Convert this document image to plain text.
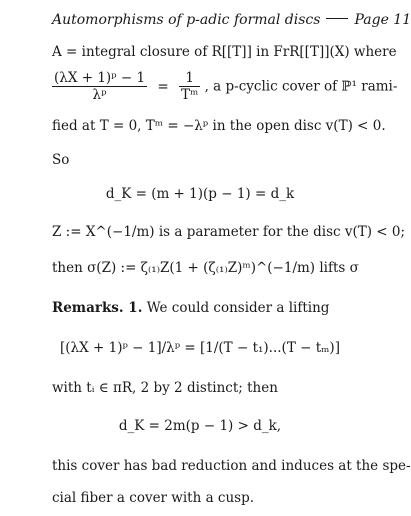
Automorphisms of p-adic formal discs Page 11
A = integral closure of R[[T]] in FrR[[T]](X) where
$\frac{\text{(λX + 1)ᵖ − 1}}{\text{λᵖ}} = \frac{1}{\text{Tᵐ}}$ , a p-cyclic cover of ℙ¹ rami-
fied at T = 0, Tᵐ = −λᵖ in the open disc v(T) < 0.
So
d_K = (m + 1)(p − 1) = d_k
Z := X^(−1/m) is a parameter for the disc v(T) < 0;
then σ(Z) := ζ₍₁₎Z(1 + (ζ₍₁₎Z)ᵐ)^(−1/m) lifts σ
Remarks. 1. We could consider a lifting
[(λX + 1)ᵖ − 1]/λᵖ = [1/(T − t₁)...(T − tₘ)]
with tᵢ ∈ πR, 2 by 2 distinct; then
d_K = 2m(p − 1) > d_k,
this cover has bad reduction and induces at the spe-
cial fiber a cover with a cusp.
